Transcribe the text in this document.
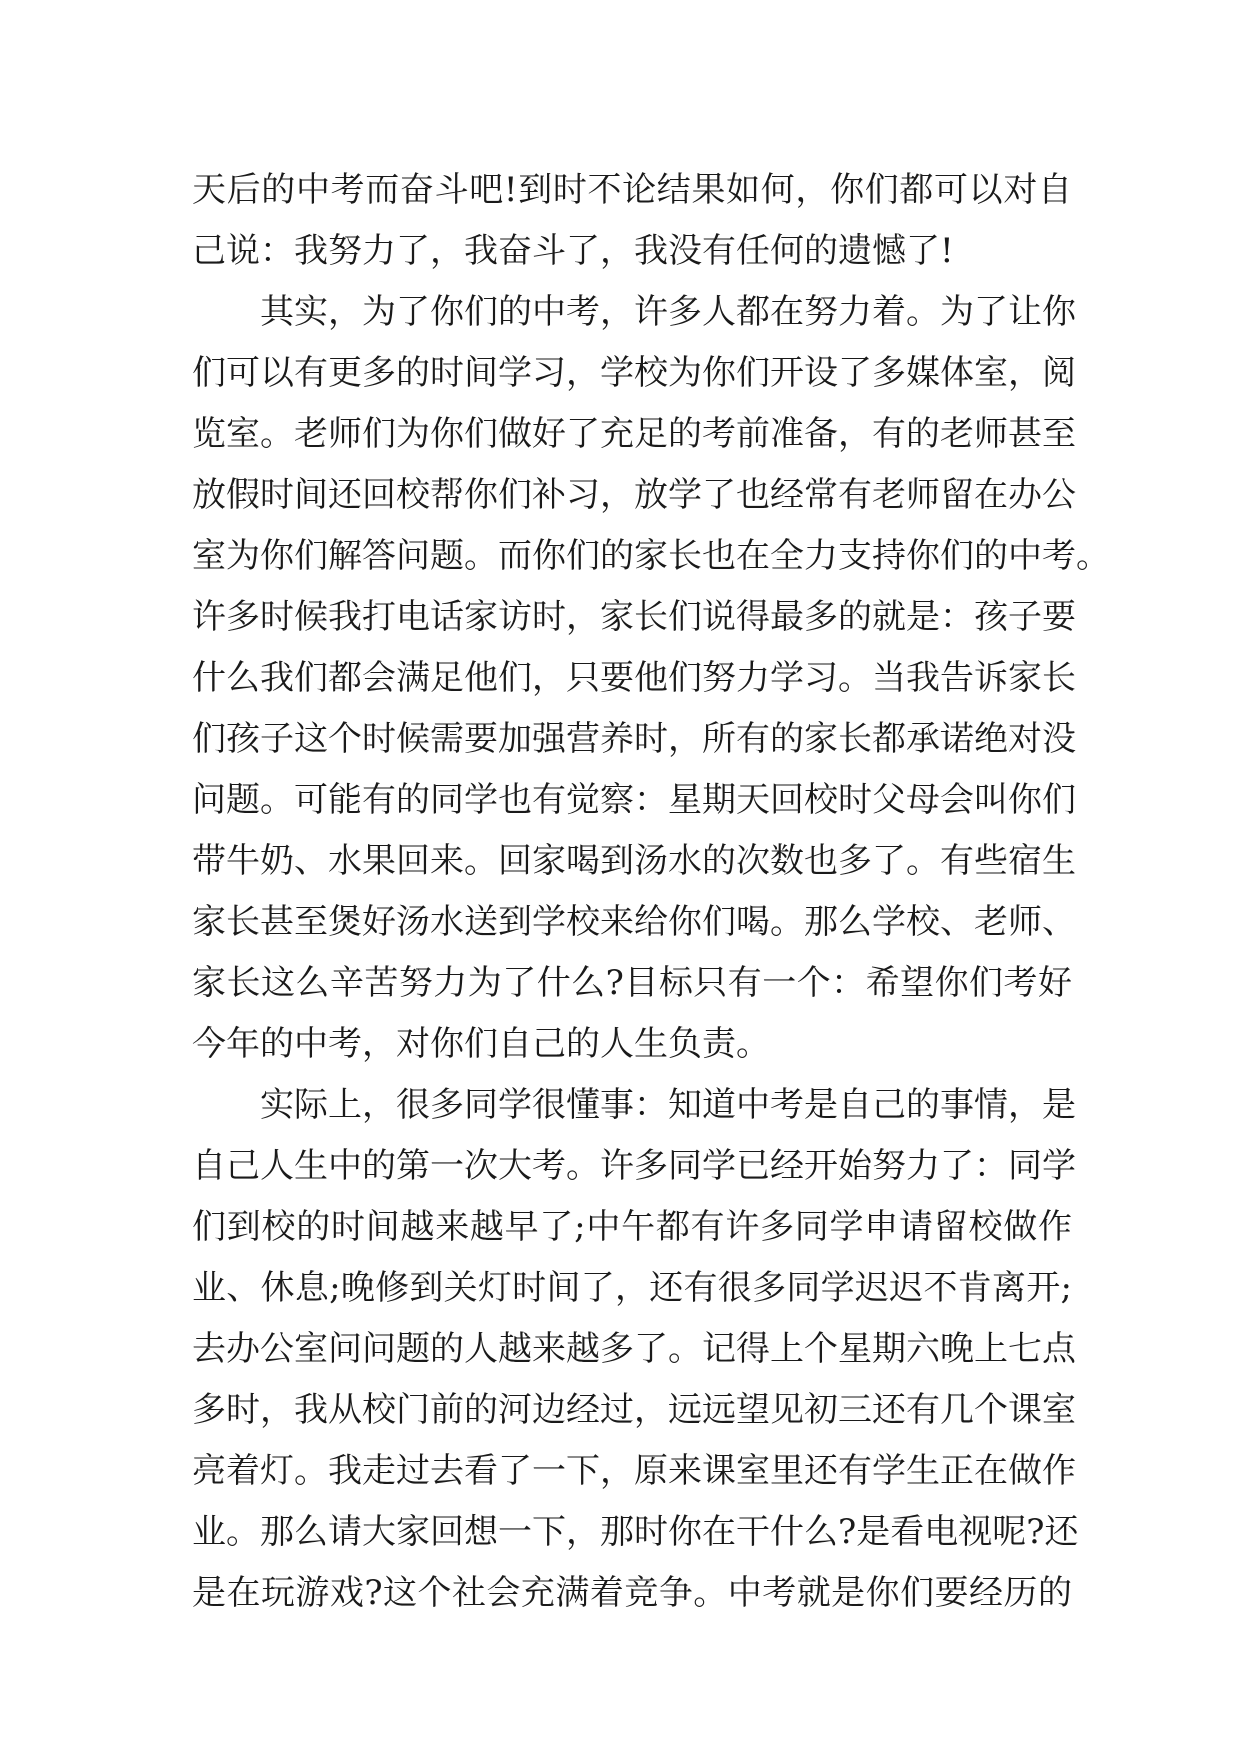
天后的中考而奋斗吧!到时不论结果如何，你们都可以对自
己说：我努力了，我奋斗了，我没有任何的遗憾了!
其实，为了你们的中考，许多人都在努力着。为了让你
们可以有更多的时间学习，学校为你们开设了多媒体室，阅
览室。老师们为你们做好了充足的考前准备，有的老师甚至
放假时间还回校帮你们补习，放学了也经常有老师留在办公
室为你们解答问题。而你们的家长也在全力支持你们的中考。
许多时候我打电话家访时，家长们说得最多的就是：孩子要
什么我们都会满足他们，只要他们努力学习。当我告诉家长
们孩子这个时候需要加强营养时，所有的家长都承诺绝对没
问题。可能有的同学也有觉察：星期天回校时父母会叫你们
带牛奶、水果回来。回家喝到汤水的次数也多了。有些宿生
家长甚至煲好汤水送到学校来给你们喝。那么学校、老师、
家长这么辛苦努力为了什么?目标只有一个：希望你们考好
今年的中考，对你们自己的人生负责。
实际上，很多同学很懂事：知道中考是自己的事情，是
自己人生中的第一次大考。许多同学已经开始努力了：同学
们到校的时间越来越早了;中午都有许多同学申请留校做作
业、休息;晚修到关灯时间了，还有很多同学迟迟不肯离开;
去办公室问问题的人越来越多了。记得上个星期六晚上七点
多时，我从校门前的河边经过，远远望见初三还有几个课室
亮着灯。我走过去看了一下，原来课室里还有学生正在做作
业。那么请大家回想一下，那时你在干什么?是看电视呢?还
是在玩游戏?这个社会充满着竞争。中考就是你们要经历的
